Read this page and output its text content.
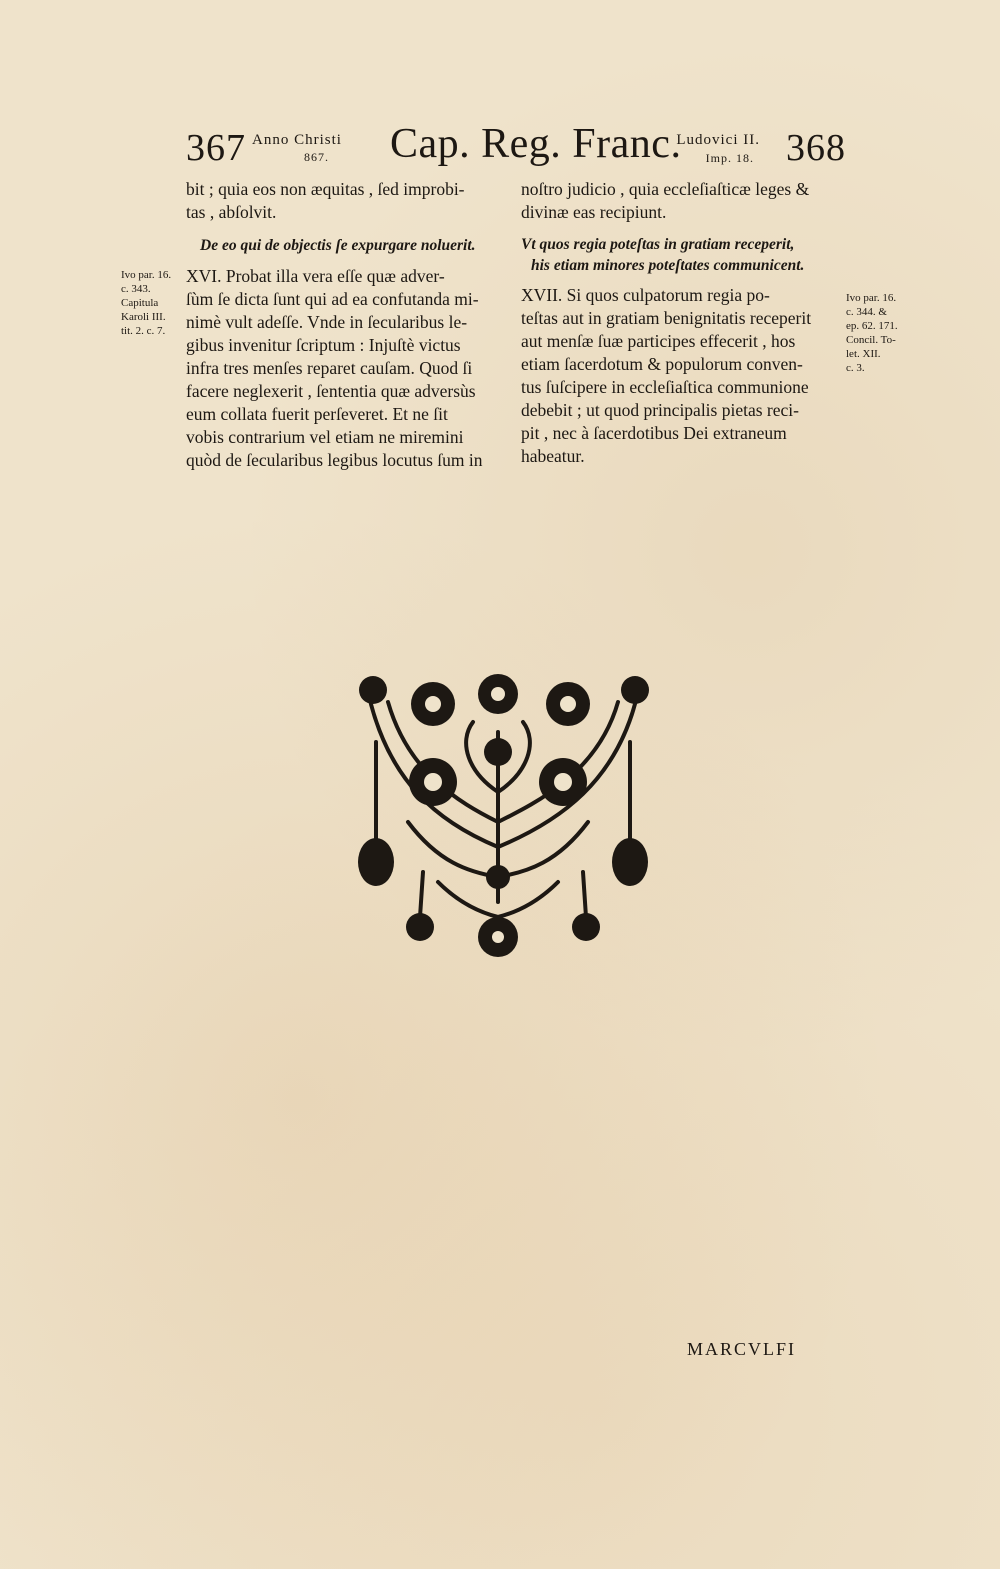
367 Anno Christi
867. Cap. Reg. Franc.
Ludovici II.
Imp. 18. 368
Ivo par. 16.
c. 343.
Capitula
Karoli III.
tit. 2. c. 7.

bit ; quia eos non æquitas , ſed improbi-

tas , abſolvit.

De eo qui de objectis ſe expurgare noluerit.

XVI. Probat illa vera eſſe quæ adver-

ſùm ſe dicta ſunt qui ad ea confutanda mi-

nimè vult adeſſe. Vnde in ſecularibus le-

gibus invenitur ſcriptum : Injuſtè victus

infra tres menſes reparet cauſam. Quod ſi

facere neglexerit , ſententia quæ adversùs

eum collata fuerit perſeveret. Et ne ſit

vobis contrarium vel etiam ne miremini

quòd de ſecularibus legibus locutus ſum in

noſtro judicio , quia eccleſiaſticæ leges &

divinæ eas recipiunt.

Vt quos regia poteſtas in gratiam receperit,
his etiam minores poteſtates communicent.

XVII. Si quos culpatorum regia po-

teſtas aut in gratiam benignitatis receperit

aut menſæ ſuæ participes effecerit , hos

etiam ſacerdotum & populorum conven-

tus ſuſcipere in eccleſiaſtica communione

debebit ; ut quod principalis pietas reci-

pit , nec à ſacerdotibus Dei extraneum

habeatur.

Ivo par. 16.
c. 344. &
ep. 62. 171.
Concil. To-
let. XII.
c. 3.
MARCVLFI
